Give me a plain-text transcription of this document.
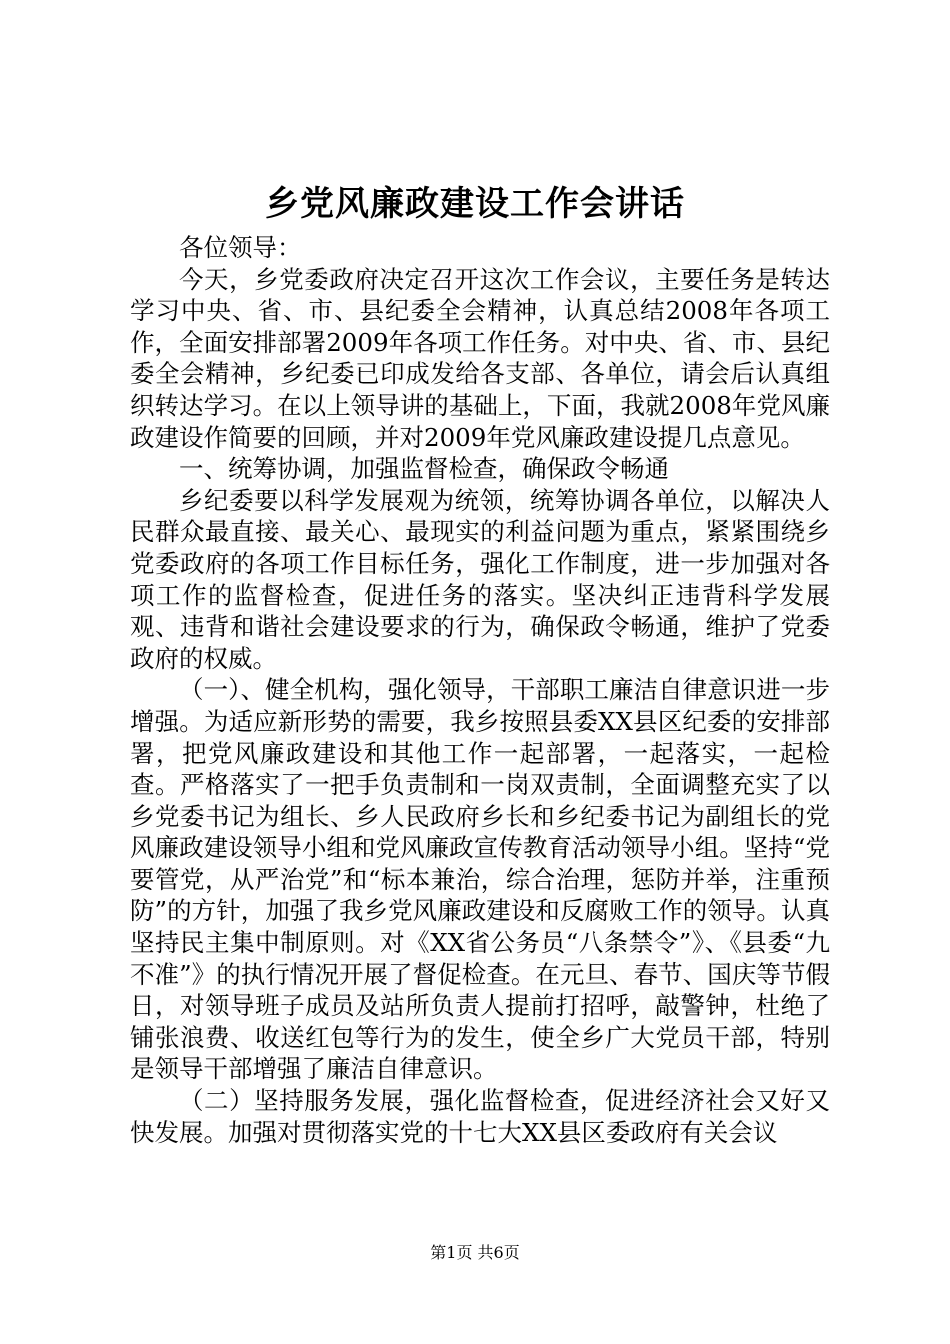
乡党风廉政建设工作会讲话

各位领导：

今天，乡党委政府决定召开这次工作会议，主要任务是转达学习中央、省、市、县纪委全会精神，认真总结2008年各项工作，全面安排部署2009年各项工作任务。对中央、省、市、县纪委全会精神，乡纪委已印成发给各支部、各单位，请会后认真组织转达学习。在以上领导讲的基础上，下面，我就2008年党风廉政建设作简要的回顾，并对2009年党风廉政建设提几点意见。

一、统筹协调，加强监督检查，确保政令畅通

乡纪委要以科学发展观为统领，统筹协调各单位，以解决人民群众最直接、最关心、最现实的利益问题为重点，紧紧围绕乡党委政府的各项工作目标任务，强化工作制度，进一步加强对各项工作的监督检查，促进任务的落实。坚决纠正违背科学发展观、违背和谐社会建设要求的行为，确保政令畅通，维护了党委政府的权威。

（一）、健全机构，强化领导，干部职工廉洁自律意识进一步增强。为适应新形势的需要，我乡按照县委XX县区纪委的安排部署，把党风廉政建设和其他工作一起部署，一起落实，一起检查。严格落实了一把手负责制和一岗双责制，全面调整充实了以乡党委书记为组长、乡人民政府乡长和乡纪委书记为副组长的党风廉政建设领导小组和党风廉政宣传教育活动领导小组。坚持“党要管党，从严治党”和“标本兼治，综合治理，惩防并举，注重预防”的方针，加强了我乡党风廉政建设和反腐败工作的领导。认真坚持民主集中制原则。对《XX省公务员“八条禁令”》、《县委“九不准”》的执行情况开展了督促检查。在元旦、春节、国庆等节假日，对领导班子成员及站所负责人提前打招呼，敲警钟，杜绝了铺张浪费、收送红包等行为的发生，使全乡广大党员干部，特别是领导干部增强了廉洁自律意识。

（二）坚持服务发展，强化监督检查，促进经济社会又好又快发展。加强对贯彻落实党的十七大XX县区委政府有关会议

第1页 共6页
